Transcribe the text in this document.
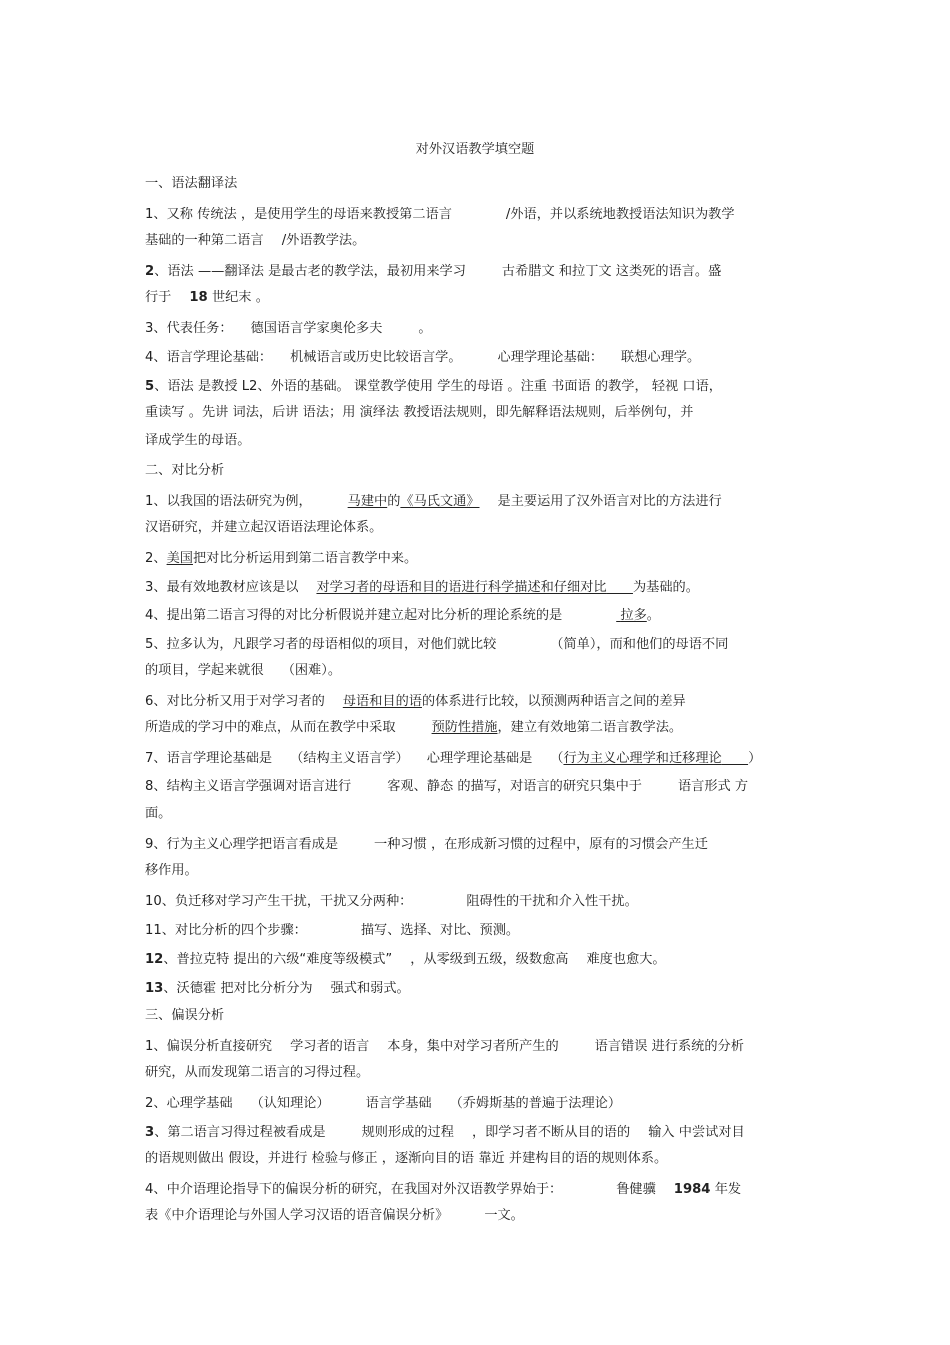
对外汉语教学填空题
一、语法翻译法
1、又称 传统法 ，是使用学生的母语来教授第二语言	/外语，并以系统地教授语法知识为教学
基础的一种第二语言 /外语教学法。
2、语法 ——翻译法 是最古老的教学法，最初用来学习	古希腊文 和拉丁文 这类死的语言。盛
行于 18 世纪末 。
3、代表任务： 德国语言学家奥伦多夫	。
4、语言学理论基础： 机械语言或历史比较语言学。	心理学理论基础： 联想心理学。
5、语法 是教授 L2、外语的基础。 课堂教学使用 学生的母语 。注重 书面语 的教学， 轻视 口语，
重读写 。先讲 词法，后讲 语法；用 演绎法 教授语法规则，即先解释语法规则，后举例句，并
译成学生的母语。
二、对比分析
1、以我国的语法研究为例，	马建中的《马氏文通》 是主要运用了汉外语言对比的方法进行
汉语研究，并建立起汉语语法理论体系。
2、美国把对比分析运用到第二语言教学中来。
3、最有效地教材应该是以 对学习者的母语和目的语进行科学描述和仔细对比　　 为基础的。
4、提出第二语言习得的对比分析假说并建立起对比分析的理论系统的是	拉多。
5、拉多认为，凡跟学习者的母语相似的项目，对他们就比较	（简单），而和他们的母语不同
的项目，学起来就很 （困难）。
6、对比分析又用于对学习者的 母语和目的语的体系进行比较，以预测两种语言之间的差异
所造成的学习中的难点，从而在教学中采取	预防性措施，建立有效地第二语言教学法。
7、语言学理论基础是 （结构主义语言学） 心理学理论基础是 （行为主义心理学和迁移理论　　 ）
8、结构主义语言学强调对语言进行	客观、静态 的描写，对语言的研究只集中于	语言形式 方
面。
9、行为主义心理学把语言看成是	一种习惯 ，在形成新习惯的过程中，原有的习惯会产生迁
移作用。
10、负迁移对学习产生干扰，干扰又分两种：	阻碍性的干扰和介入性干扰。
11、对比分析的四个步骤：	描写、选择、对比、预测。
12、普拉克特 提出的六级“难度等级模式” ，从零级到五级，级数愈高 难度也愈大。
13、沃德霍 把对比分析分为 强式和弱式。
三、偏误分析
1、偏误分析直接研究 学习者的语言 本身，集中对学习者所产生的	语言错误 进行系统的分析
研究，从而发现第二语言的习得过程。
2、心理学基础 （认知理论）	语言学基础 （乔姆斯基的普遍于法理论）
3、第二语言习得过程被看成是	规则形成的过程 ，即学习者不断从目的语的 输入 中尝试对目
的语规则做出 假设，并进行 检验与修正 ，逐渐向目的语 靠近 并建构目的语的规则体系。
4、中介语理论指导下的偏误分析的研究，在我国对外汉语教学界始于：	鲁健骥 1984 年发
表《中介语理论与外国人学习汉语的语音偏误分析》	一文。
